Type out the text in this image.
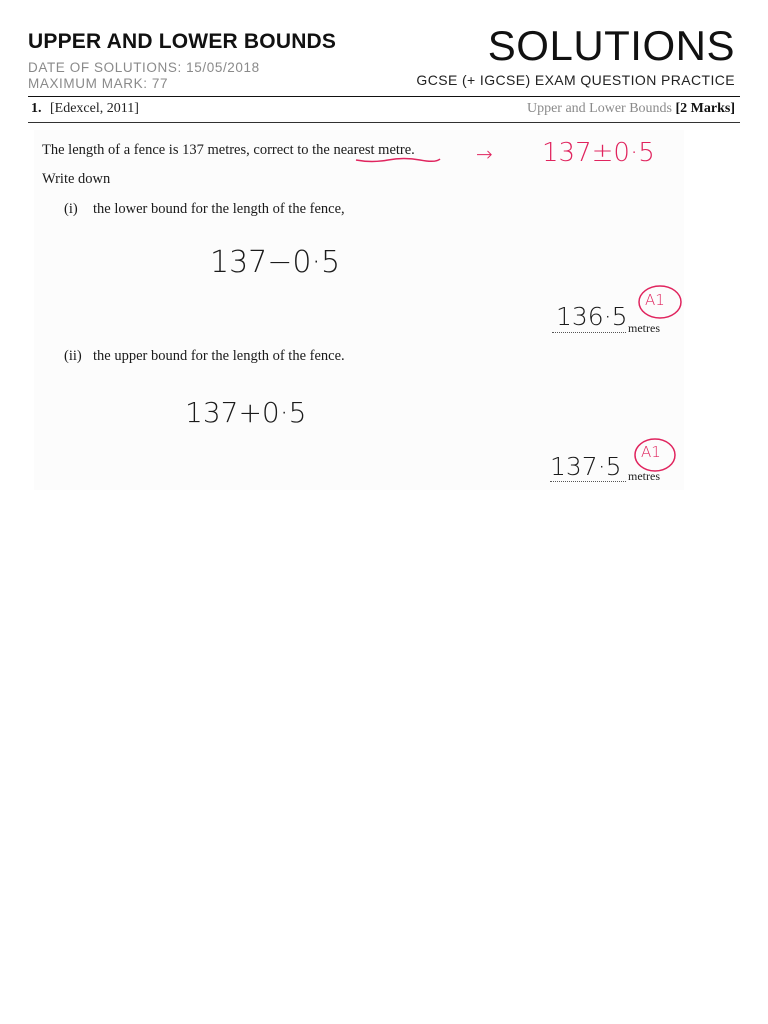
UPPER AND LOWER BOUNDS
DATE OF SOLUTIONS: 15/05/2018
MAXIMUM MARK: 77
SOLUTIONS
GCSE (+ IGCSE) EXAM QUESTION PRACTICE
1. [Edexcel, 2011]	Upper and Lower Bounds [2 Marks]
The length of a fence is 137 metres, correct to the nearest metre.
Write down
(i) the lower bound for the length of the fence,
137−0·5
136·5 metres
A1
(ii) the upper bound for the length of the fence.
137+0·5
137·5 metres
A1
→ 137±0·5
